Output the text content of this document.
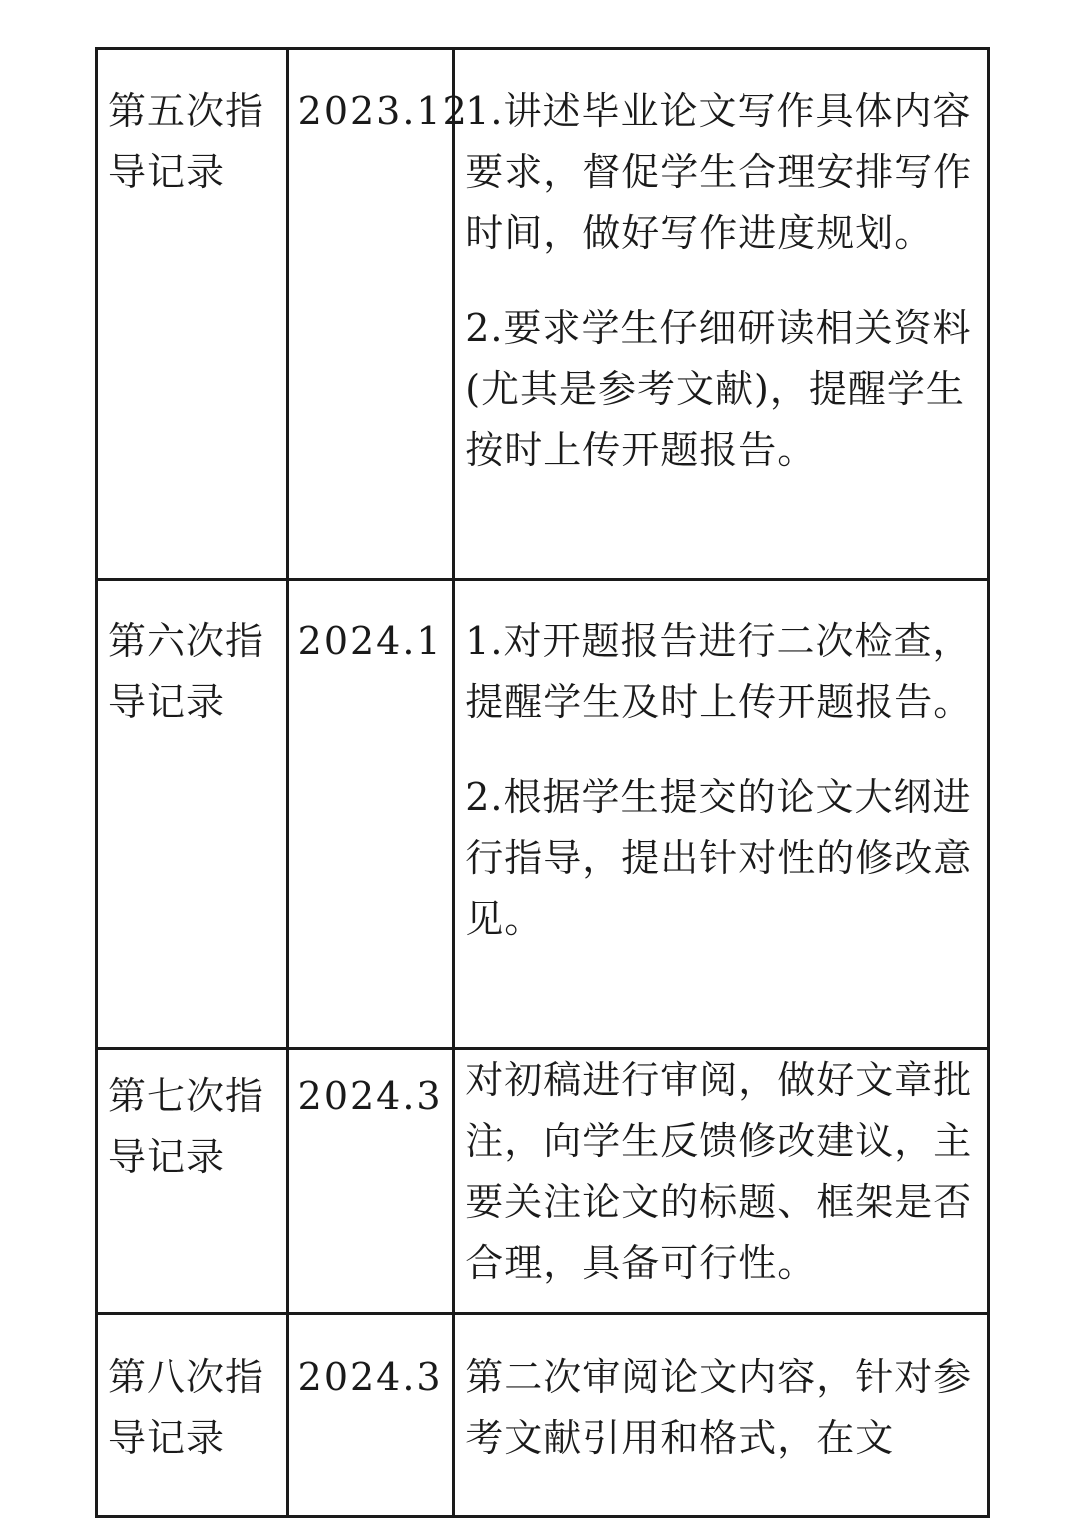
第五次指导记录	2023.12	1.讲述毕业论文写作具体内容要求，督促学生合理安排写作时间，做好写作进度规划。

2.要求学生仔细研读相关资料(尤其是参考文献)，提醒学生按时上传开题报告。

第六次指导记录	2024.1	1.对开题报告进行二次检查，提醒学生及时上传开题报告。

2.根据学生提交的论文大纲进行指导，提出针对性的修改意见。

第七次指导记录	2024.3	对初稿进行审阅，做好文章批注，向学生反馈修改建议，主要关注论文的标题、框架是否合理，具备可行性。

第八次指导记录	2024.3	第二次审阅论文内容，针对参考文献引用和格式，在文
